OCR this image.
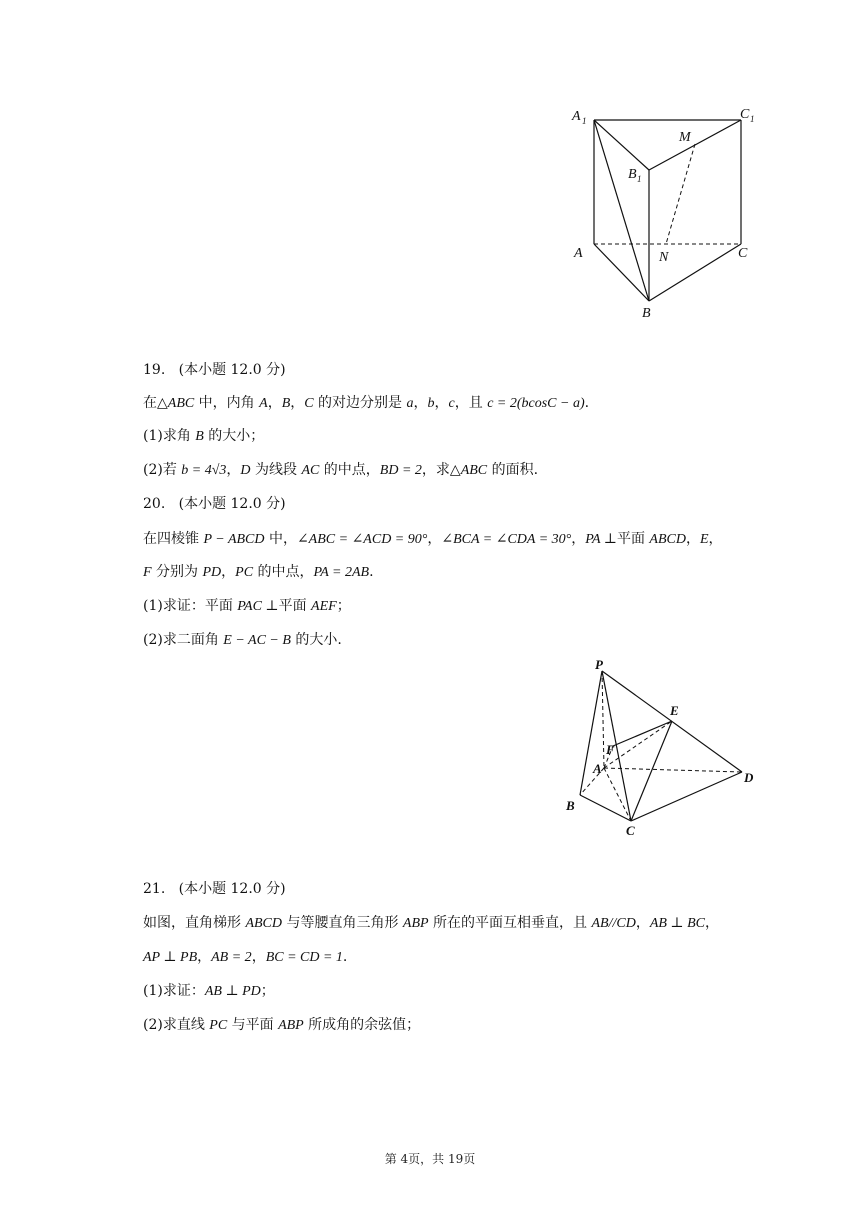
A 1	C 1
M
B 1
A	N	C
B
19.   (本小题 12.0 分)
在△ABC 中，内角 A，B，C 的对边分别是 a，b，c，且 c = 2(bcosC − a).
(1)求角 B 的大小；
(2)若 b = 4√3，D 为线段 AC 的中点，BD = 2，求△ABC 的面积.
20.   (本小题 12.0 分)
在四棱锥 P − ABCD 中，∠ABC = ∠ACD = 90°，∠BCA = ∠CDA = 30°，PA ⊥平面 ABCD，E，
F 分别为 PD，PC 的中点，PA = 2AB.
(1)求证：平面 PAC ⊥平面 AEF；
(2)求二面角 E − AC − B 的大小.
P
E
F
A
D
B
C
21.   (本小题 12.0 分)
如图，直角梯形 ABCD 与等腰直角三角形 ABP 所在的平面互相垂直，且 AB//CD，AB ⊥ BC，
AP ⊥ PB，AB = 2，BC = CD = 1.
(1)求证：AB ⊥ PD；
(2)求直线 PC 与平面 ABP 所成角的余弦值；
第 4页，共 19页
